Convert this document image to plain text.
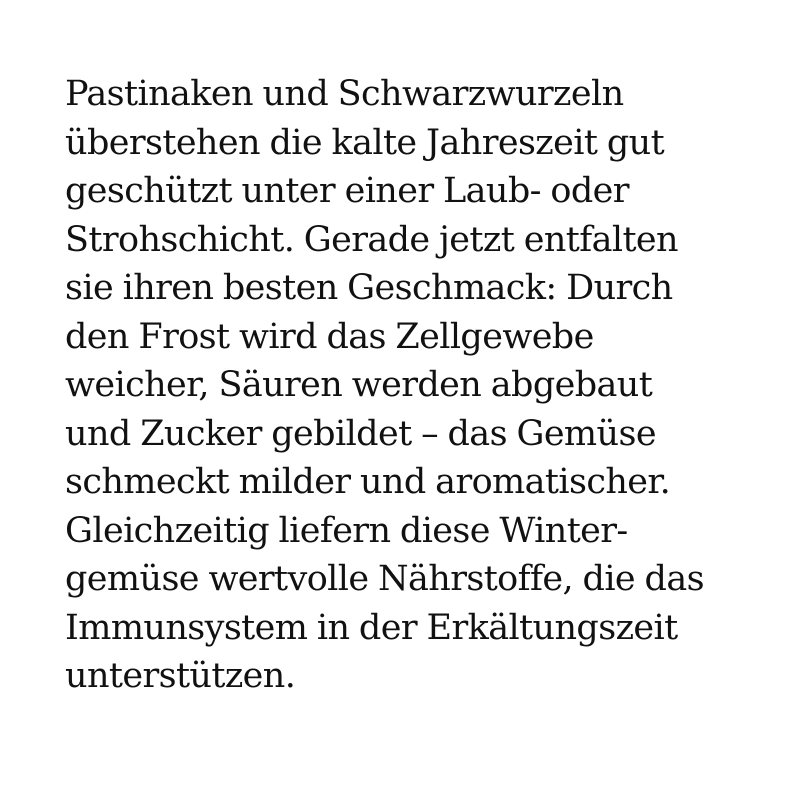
Pastinaken und Schwarzwurzeln
überstehen die kalte Jahreszeit gut
geschützt unter einer Laub- oder
Strohschicht. Gerade jetzt entfalten
sie ihren besten Geschmack: Durch
den Frost wird das Zellgewebe
weicher, Säuren werden abgebaut
und Zucker gebildet – das Gemüse
schmeckt milder und aromatischer.
Gleichzeitig liefern diese Winter-
gemüse wertvolle Nährstoffe, die das
Immunsystem in der Erkältungszeit
unterstützen.
